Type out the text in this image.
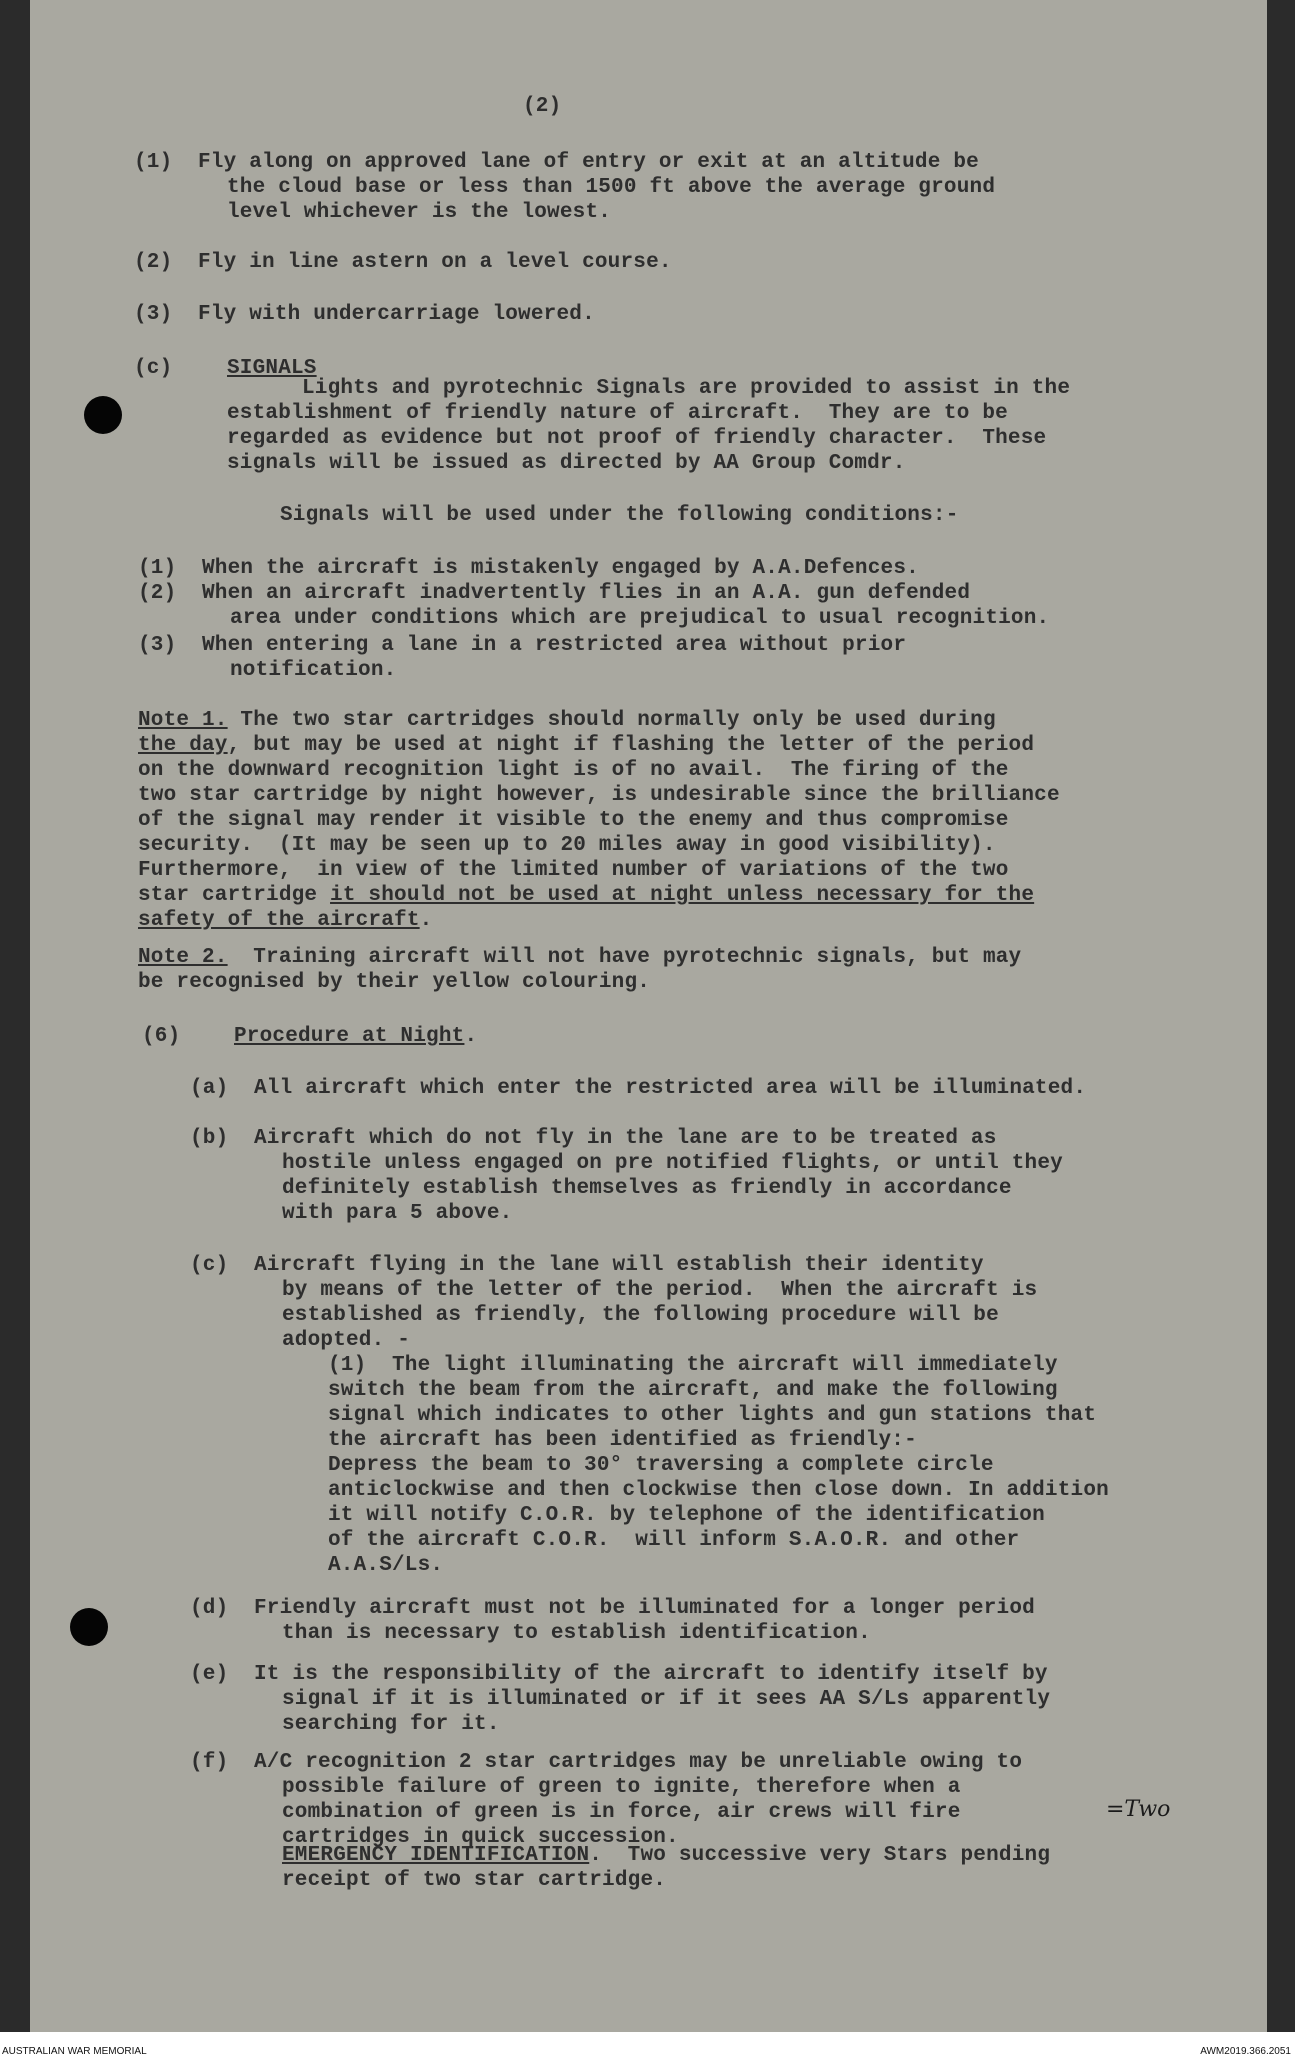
(2)
(1)  Fly along on approved lane of entry or exit at an altitude be
the cloud base or less than 1500 ft above the average ground
level whichever is the lowest.
(2)  Fly in line astern on a level course.
(3)  Fly with undercarriage lowered.
(c)	SIGNALS
Lights and pyrotechnic Signals are provided to assist in the
establishment of friendly nature of aircraft.  They are to be
regarded as evidence but not proof of friendly character.  These
signals will be issued as directed by AA Group Comdr.
Signals will be used under the following conditions:-
(1)  When the aircraft is mistakenly engaged by A.A.Defences.
(2)  When an aircraft inadvertently flies in an A.A. gun defended
area under conditions which are prejudical to usual recognition.
(3)  When entering a lane in a restricted area without prior
notification.
Note 1. The two star cartridges should normally only be used during
the day, but may be used at night if flashing the letter of the period
on the downward recognition light is of no avail.  The firing of the
two star cartridge by night however, is undesirable since the brilliance
of the signal may render it visible to the enemy and thus compromise
security.  (It may be seen up to 20 miles away in good visibility).
Furthermore,  in view of the limited number of variations of the two
star cartridge it should not be used at night unless necessary for the
safety of the aircraft.
Note 2.  Training aircraft will not have pyrotechnic signals, but may
be recognised by their yellow colouring.
(6)	Procedure at Night.
(a)  All aircraft which enter the restricted area will be illuminated.
(b)  Aircraft which do not fly in the lane are to be treated as
hostile unless engaged on pre notified flights, or until they
definitely establish themselves as friendly in accordance
with para 5 above.
(c)  Aircraft flying in the lane will establish their identity
by means of the letter of the period.  When the aircraft is
established as friendly, the following procedure will be
adopted. -
(1)  The light illuminating the aircraft will immediately
switch the beam from the aircraft, and make the following
signal which indicates to other lights and gun stations that
the aircraft has been identified as friendly:-
Depress the beam to 30° traversing a complete circle
anticlockwise and then clockwise then close down. In addition
it will notify C.O.R. by telephone of the identification
of the aircraft C.O.R.  will inform S.A.O.R. and other
A.A.S/Ls.
(d)  Friendly aircraft must not be illuminated for a longer period
than is necessary to establish identification.
(e)  It is the responsibility of the aircraft to identify itself by
signal if it is illuminated or if it sees AA S/Ls apparently
searching for it.
(f)  A/C recognition 2 star cartridges may be unreliable owing to
possible failure of green to ignite, therefore when a
combination of green is in force, air crews will fire	=Two
cartridges in quick succession.
EMERGENCY IDENTIFICATION.  Two successive very Stars pending
receipt of two star cartridge.
AUSTRALIAN WAR MEMORIAL	AWM2019.366.2051
